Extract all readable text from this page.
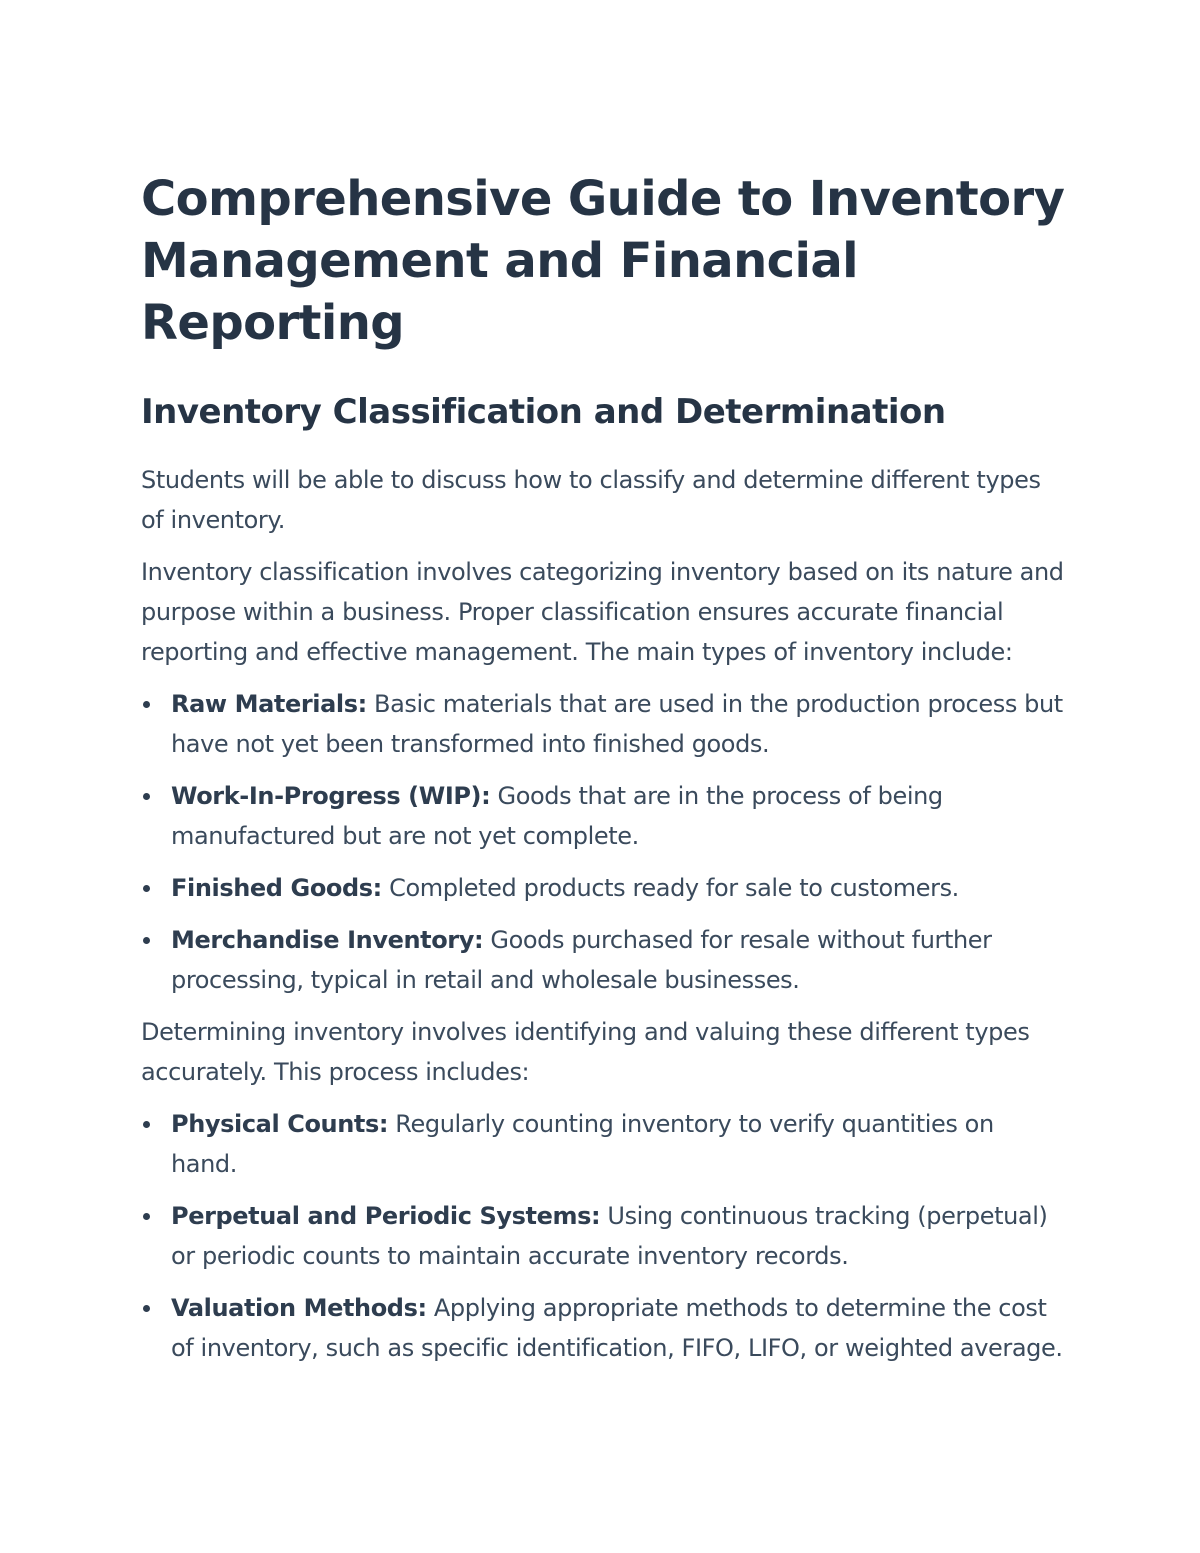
Comprehensive Guide to Inventory Management and Financial Reporting
Inventory Classification and Determination

Students will be able to discuss how to classify and determine different types of inventory.

Inventory classification involves categorizing inventory based on its nature and purpose within a business. Proper classification ensures accurate financial reporting and effective management. The main types of inventory include:

Raw Materials: Basic materials that are used in the production process but have not yet been transformed into finished goods.
Work-In-Progress (WIP): Goods that are in the process of being manufactured but are not yet complete.
Finished Goods: Completed products ready for sale to customers.
Merchandise Inventory: Goods purchased for resale without further processing, typical in retail and wholesale businesses.

Determining inventory involves identifying and valuing these different types accurately. This process includes:

Physical Counts: Regularly counting inventory to verify quantities on hand.
Perpetual and Periodic Systems: Using continuous tracking (perpetual) or periodic counts to maintain accurate inventory records.
Valuation Methods: Applying appropriate methods to determine the cost of inventory, such as specific identification, FIFO, LIFO, or weighted average.
